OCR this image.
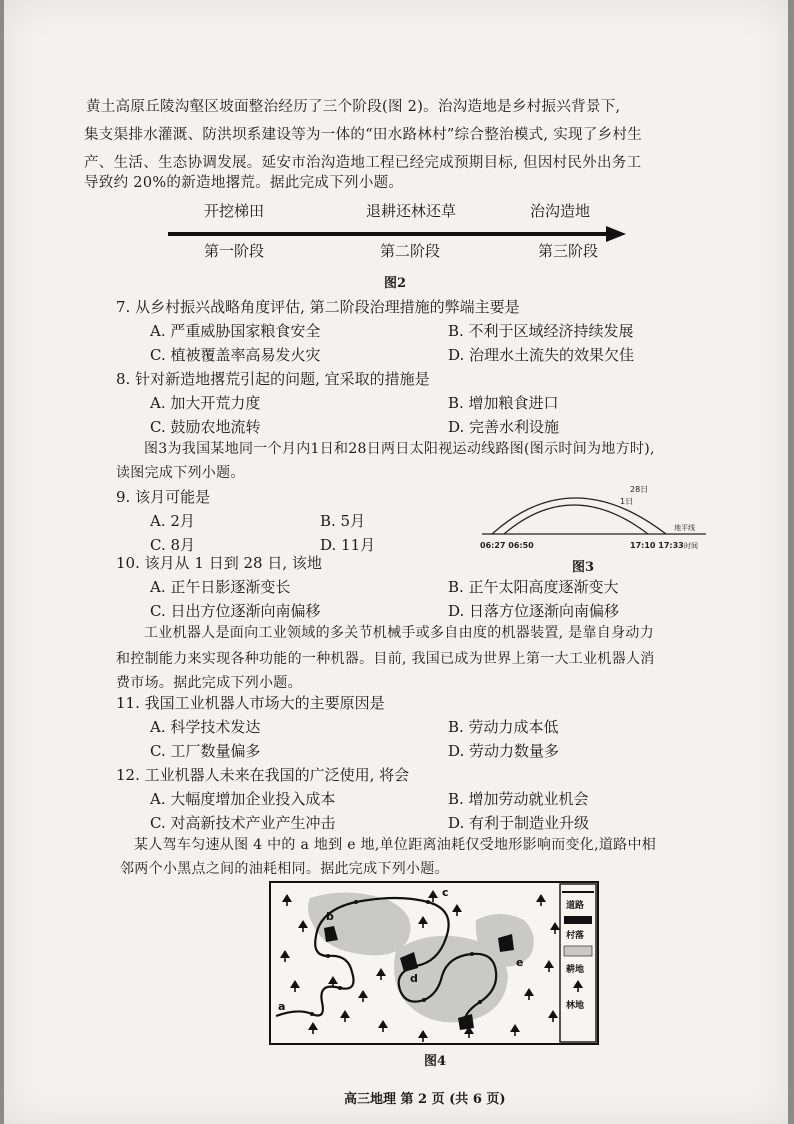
黄土高原丘陵沟壑区坡面整治经历了三个阶段(图 2)。治沟造地是乡村振兴背景下,
集支渠排水灌溉、防洪坝系建设等为一体的“田水路林村”综合整治模式, 实现了乡村生
产、生活、生态协调发展。延安市治沟造地工程已经完成预期目标, 但因村民外出务工
导致约 20%的新造地撂荒。据此完成下列小题。
开挖梯田	退耕还林还草	治沟造地
第一阶段	第二阶段	第三阶段
图2
7. 从乡村振兴战略角度评估, 第二阶段治理措施的弊端主要是
A. 严重威胁国家粮食安全	B. 不利于区域经济持续发展
C. 植被覆盖率高易发火灾	D. 治理水土流失的效果欠佳
8. 针对新造地撂荒引起的问题, 宜采取的措施是
A. 加大开荒力度	B. 增加粮食进口
C. 鼓励农地流转	D. 完善水利设施
图3为我国某地同一个月内1日和28日两日太阳视运动线路图(图示时间为地方时),
读图完成下列小题。
9. 该月可能是
A. 2月	B. 5月
C. 8月	D. 11月
28日
1日
地平线
06:27 06:50	17:10 17:33 时间
图3
10. 该月从 1 日到 28 日, 该地
A. 正午日影逐渐变长	B. 正午太阳高度逐渐变大
C. 日出方位逐渐向南偏移	D. 日落方位逐渐向南偏移
工业机器人是面向工业领域的多关节机械手或多自由度的机器装置, 是靠自身动力
和控制能力来实现各种功能的一种机器。目前, 我国已成为世界上第一大工业机器人消
费市场。据此完成下列小题。
11. 我国工业机器人市场大的主要原因是
A. 科学技术发达	B. 劳动力成本低
C. 工厂数量偏多	D. 劳动力数量多
12. 工业机器人未来在我国的广泛使用, 将会
A. 大幅度增加企业投入成本	B. 增加劳动就业机会
C. 对高新技术产业产生冲击	D. 有利于制造业升级
某人驾车匀速从图 4 中的 a 地到 e 地,单位距离油耗仅受地形影响而变化,道路中相
邻两个小黑点之间的油耗相同。据此完成下列小题。
a
b
c
d
e
道路
村落
耕地
林地
图4
高三地理 第 2 页 (共 6 页)
